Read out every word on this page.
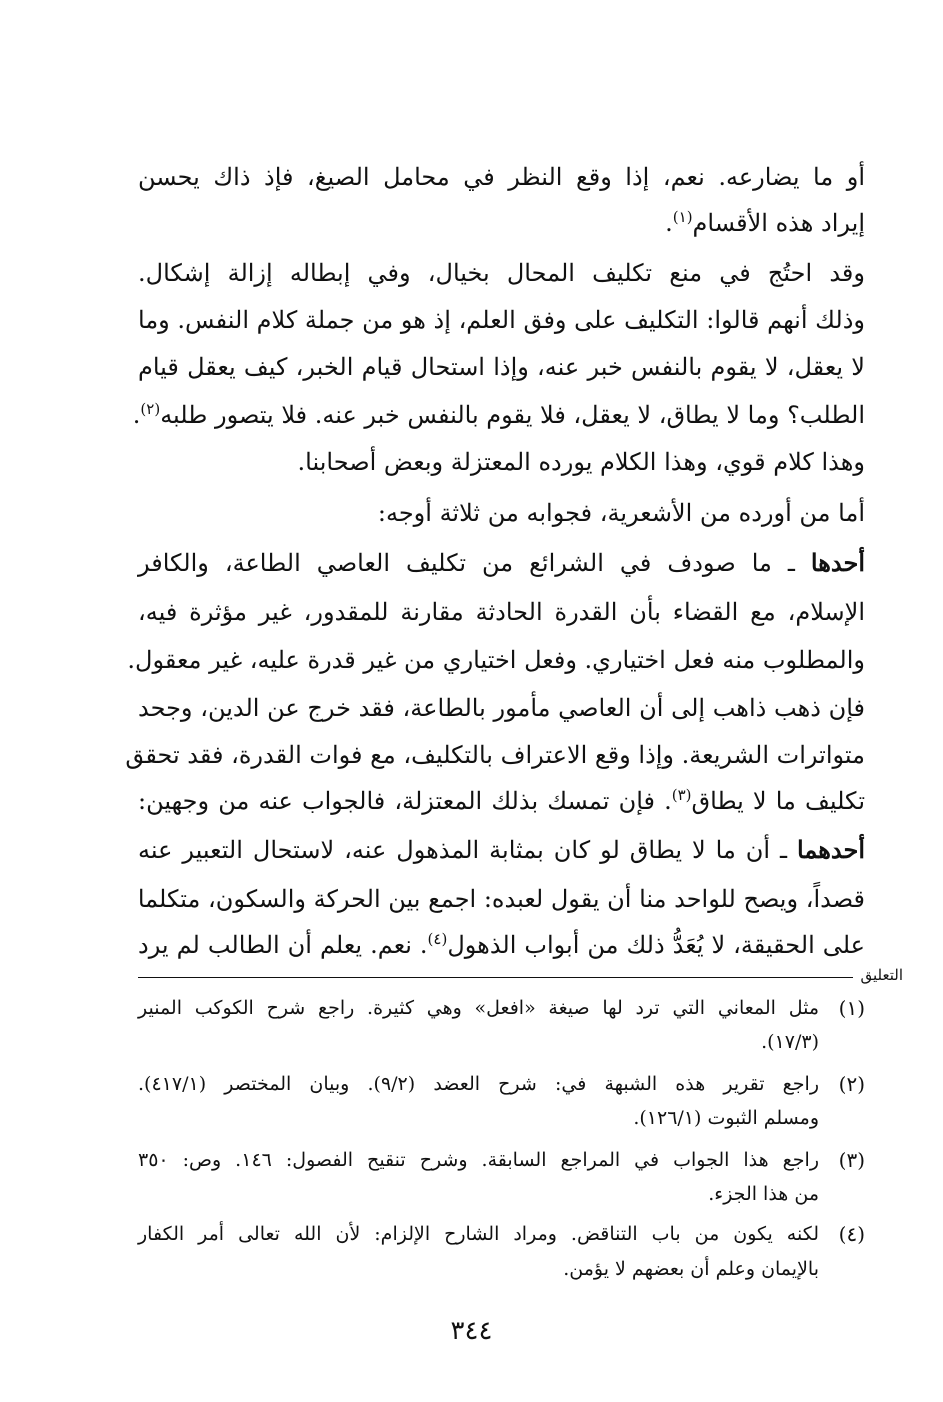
أو ما يضارعه. نعم، إذا وقع النظر في محامل الصيغ، فإذ ذاك يحسن
إيراد هذه الأقسام$^{(١)}$.
وقد احتُج في منع تكليف المحال بخيال، وفي إبطاله إزالة إشكال.
وذلك أنهم قالوا: التكليف على وفق العلم، إذ هو من جملة كلام النفس. وما
لا يعقل، لا يقوم بالنفس خبر عنه، وإذا استحال قيام الخبر، كيف يعقل قيام
الطلب؟ وما لا يطاق، لا يعقل، فلا يقوم بالنفس خبر عنه. فلا يتصور طلبه$^{(٢)}$.
وهذا كلام قوي، وهذا الكلام يورده المعتزلة وبعض أصحابنا.
أما من أورده من الأشعرية، فجوابه من ثلاثة أوجه:
أحدها ـ ما صودف في الشرائع من تكليف العاصي الطاعة، والكافر
الإسلام، مع القضاء بأن القدرة الحادثة مقارنة للمقدور، غير مؤثرة فيه،
والمطلوب منه فعل اختياري. وفعل اختياري من غير قدرة عليه، غير معقول.
فإن ذهب ذاهب إلى أن العاصي مأمور بالطاعة، فقد خرج عن الدين، وجحد
متواترات الشريعة. وإذا وقع الاعتراف بالتكليف، مع فوات القدرة، فقد تحقق
تكليف ما لا يطاق$^{(٣)}$. فإن تمسك بذلك المعتزلة، فالجواب عنه من وجهين:
أحدهما ـ أن ما لا يطاق لو كان بمثابة المذهول عنه، لاستحال التعبير عنه
قصداً، ويصح للواحد منا أن يقول لعبده: اجمع بين الحركة والسكون، متكلما
على الحقيقة، لا يُعَدُّ ذلك من أبواب الذهول$^{(٤)}$. نعم. يعلم أن الطالب لم يرد
التعليق
(١)
مثل المعاني التي ترد لها صيغة «افعل» وهي كثيرة. راجع شرح الكوكب المنير
(١٧/٣).
(٢)
راجع تقرير هذه الشبهة في: شرح العضد (٩/٢). وبيان المختصر (٤١٧/١).
ومسلم الثبوت (١٢٦/١).
(٣)
راجع هذا الجواب في المراجع السابقة. وشرح تنقيح الفصول: ١٤٦. وص: ٣٥٠
من هذا الجزء.
(٤)
لكنه يكون من باب التناقض. ومراد الشارح الإلزام: لأن الله تعالى أمر الكفار
بالإيمان وعلم أن بعضهم لا يؤمن.
٣٤٤
